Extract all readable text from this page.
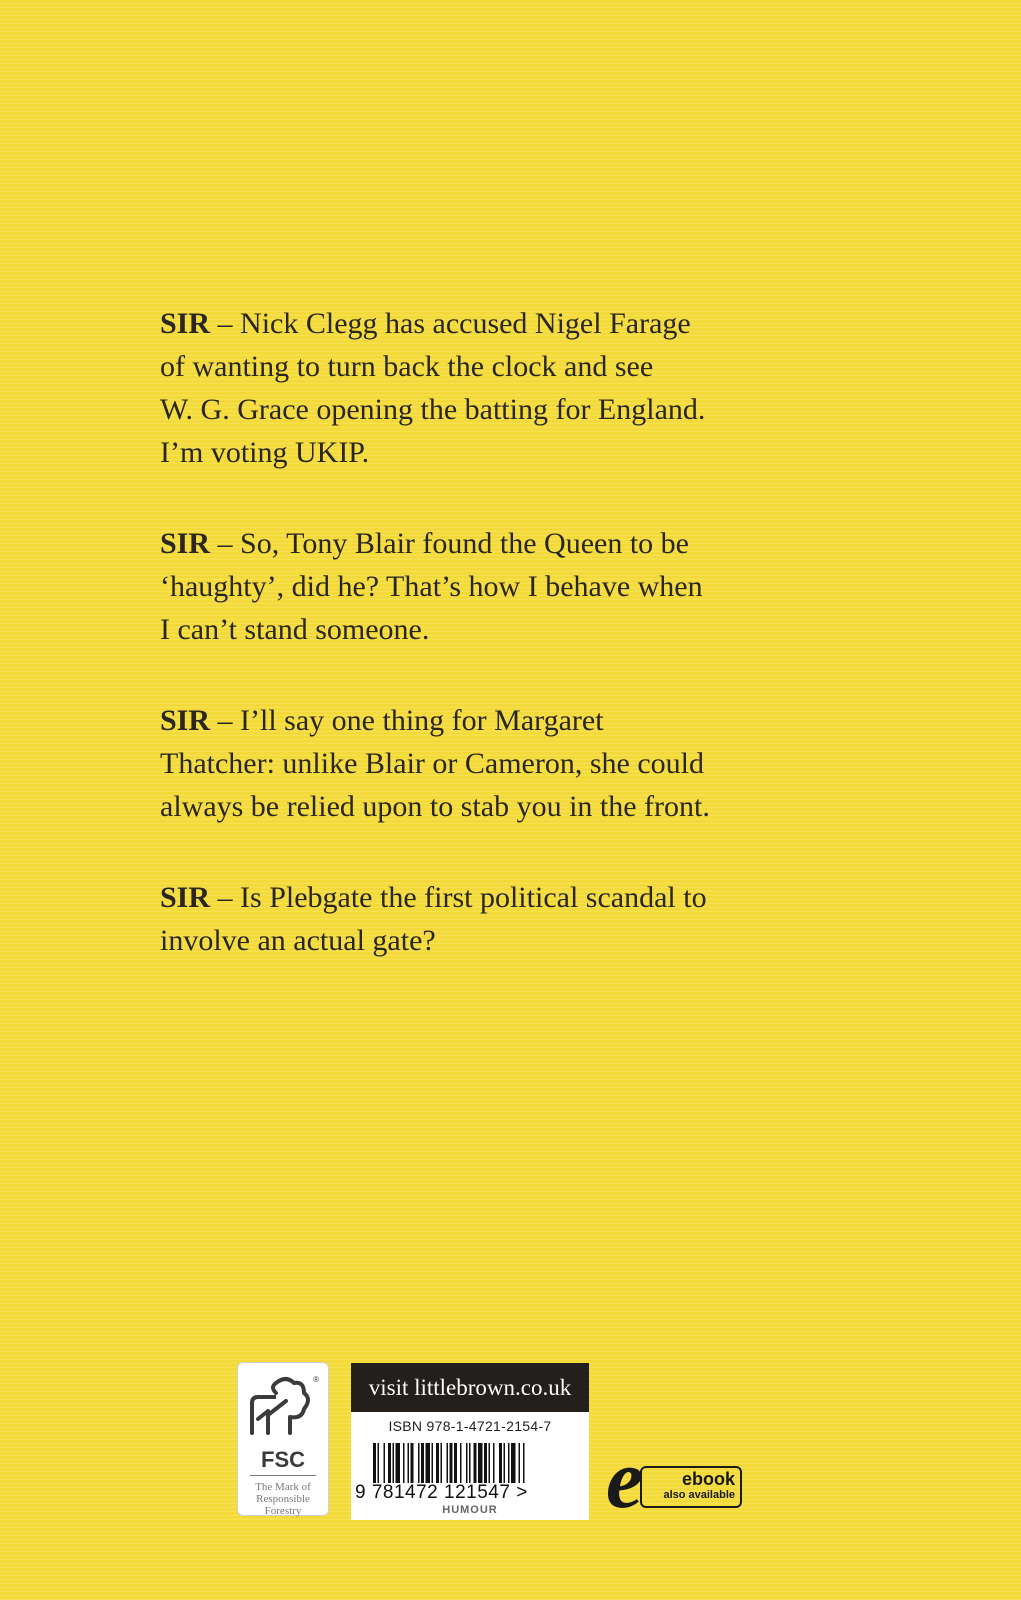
SIR – Nick Clegg has accused Nigel Farage
of wanting to turn back the clock and see
W. G. Grace opening the batting for England.
I’m voting UKIP.

SIR – So, Tony Blair found the Queen to be
‘haughty’, did he? That’s how I behave when
I can’t stand someone.

SIR – I’ll say one thing for Margaret
Thatcher: unlike Blair or Cameron, she could
always be relied upon to stab you in the front.

SIR – Is Plebgate the first political scandal to
involve an actual gate?

®
FSC
The Mark of
Responsible
Forestry
visit littlebrown.co.uk
ISBN 978-1-4721-2154-7
9 781472 121547 >
HUMOUR	e	ebook
also available
